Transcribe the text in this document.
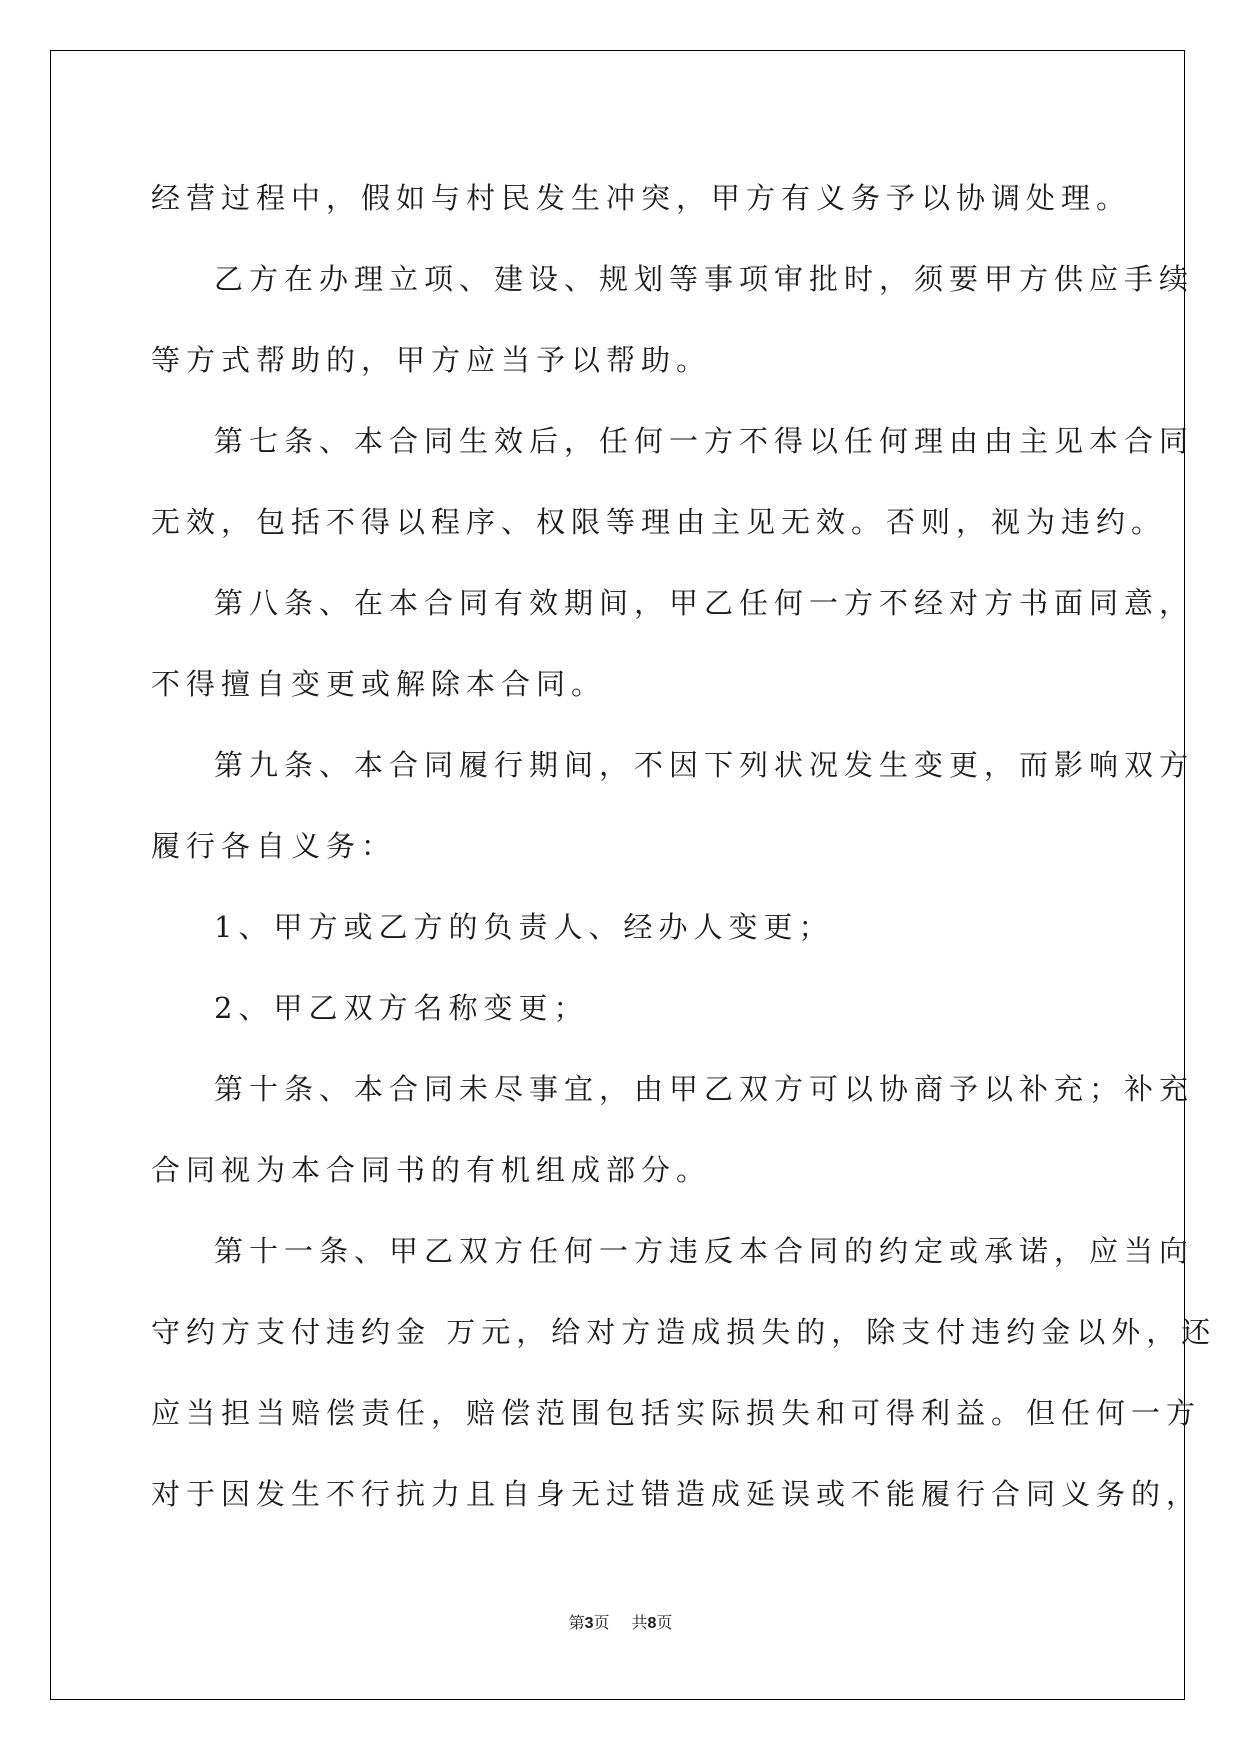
经营过程中，假如与村民发生冲突，甲方有义务予以协调处理。
乙方在办理立项、建设、规划等事项审批时，须要甲方供应手续
等方式帮助的，甲方应当予以帮助。
第七条、本合同生效后，任何一方不得以任何理由由主见本合同
无效，包括不得以程序、权限等理由主见无效。否则，视为违约。
第八条、在本合同有效期间，甲乙任何一方不经对方书面同意，
不得擅自变更或解除本合同。
第九条、本合同履行期间，不因下列状况发生变更，而影响双方
履行各自义务：
1、甲方或乙方的负责人、经办人变更；
2、甲乙双方名称变更；
第十条、本合同未尽事宜，由甲乙双方可以协商予以补充；补充
合同视为本合同书的有机组成部分。
第十一条、甲乙双方任何一方违反本合同的约定或承诺，应当向
守约方支付违约金 万元，给对方造成损失的，除支付违约金以外，还
应当担当赔偿责任，赔偿范围包括实际损失和可得利益。但任何一方
对于因发生不行抗力且自身无过错造成延误或不能履行合同义务的，
第3页 共8页
